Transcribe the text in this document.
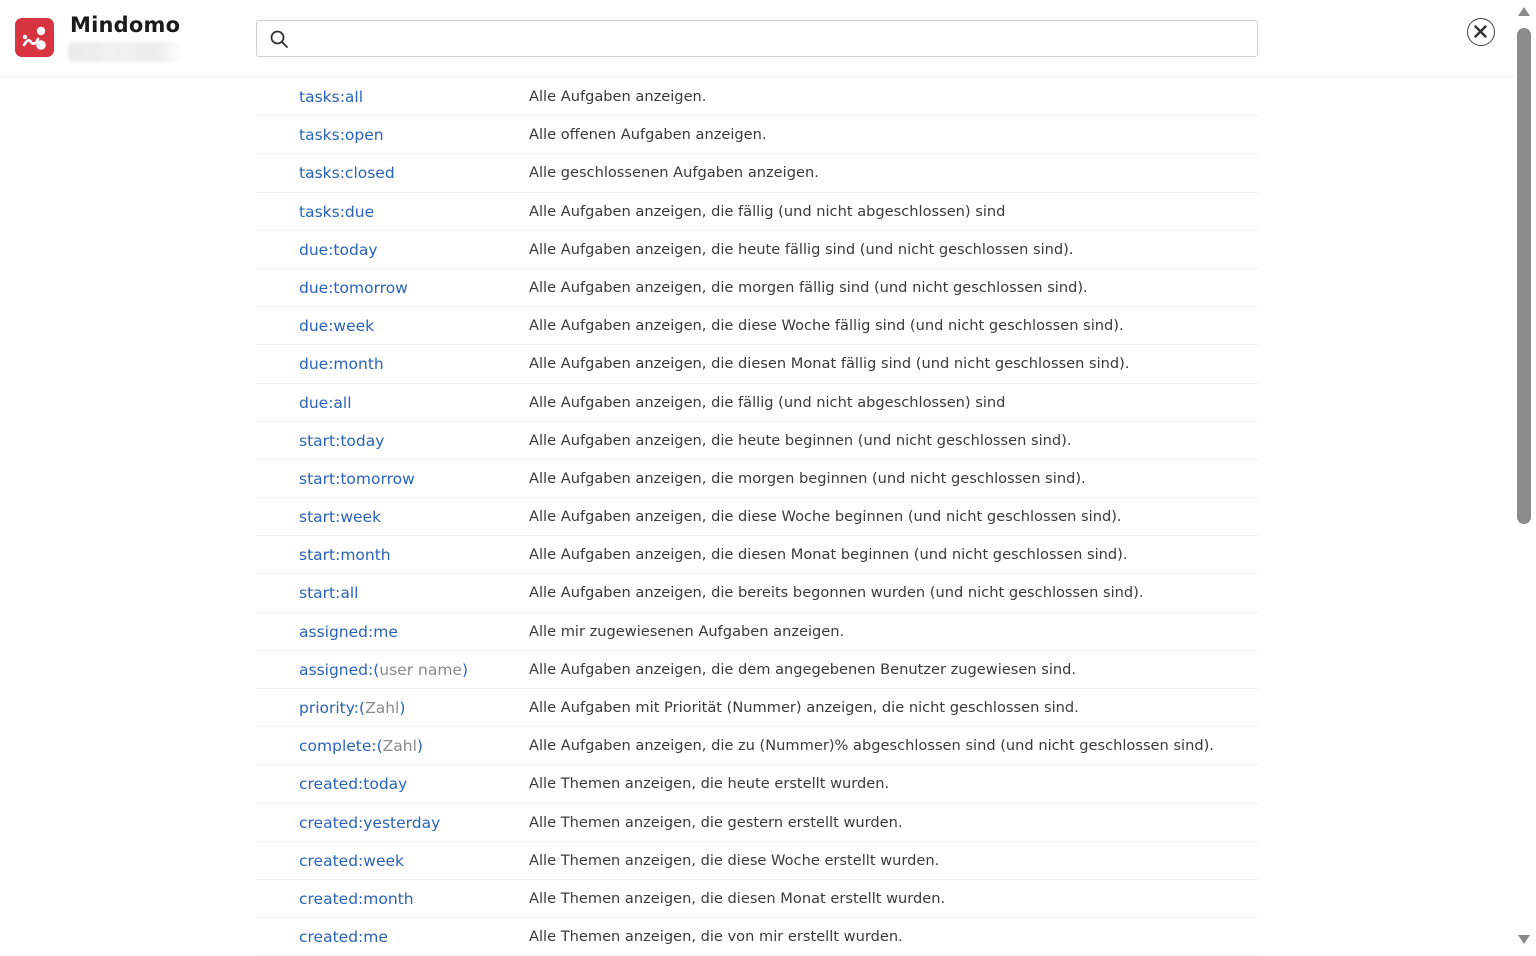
Mindomo
tasks:all	Alle Aufgaben anzeigen.
tasks:open	Alle offenen Aufgaben anzeigen.
tasks:closed	Alle geschlossenen Aufgaben anzeigen.
tasks:due	Alle Aufgaben anzeigen, die fällig (und nicht abgeschlossen) sind
due:today	Alle Aufgaben anzeigen, die heute fällig sind (und nicht geschlossen sind).
due:tomorrow	Alle Aufgaben anzeigen, die morgen fällig sind (und nicht geschlossen sind).
due:week	Alle Aufgaben anzeigen, die diese Woche fällig sind (und nicht geschlossen sind).
due:month	Alle Aufgaben anzeigen, die diesen Monat fällig sind (und nicht geschlossen sind).
due:all	Alle Aufgaben anzeigen, die fällig (und nicht abgeschlossen) sind
start:today	Alle Aufgaben anzeigen, die heute beginnen (und nicht geschlossen sind).
start:tomorrow	Alle Aufgaben anzeigen, die morgen beginnen (und nicht geschlossen sind).
start:week	Alle Aufgaben anzeigen, die diese Woche beginnen (und nicht geschlossen sind).
start:month	Alle Aufgaben anzeigen, die diesen Monat beginnen (und nicht geschlossen sind).
start:all	Alle Aufgaben anzeigen, die bereits begonnen wurden (und nicht geschlossen sind).
assigned:me	Alle mir zugewiesenen Aufgaben anzeigen.
assigned:(user name)	Alle Aufgaben anzeigen, die dem angegebenen Benutzer zugewiesen sind.
priority:(Zahl)	Alle Aufgaben mit Priorität (Nummer) anzeigen, die nicht geschlossen sind.
complete:(Zahl)	Alle Aufgaben anzeigen, die zu (Nummer)% abgeschlossen sind (und nicht geschlossen sind).
created:today	Alle Themen anzeigen, die heute erstellt wurden.
created:yesterday	Alle Themen anzeigen, die gestern erstellt wurden.
created:week	Alle Themen anzeigen, die diese Woche erstellt wurden.
created:month	Alle Themen anzeigen, die diesen Monat erstellt wurden.
created:me	Alle Themen anzeigen, die von mir erstellt wurden.
